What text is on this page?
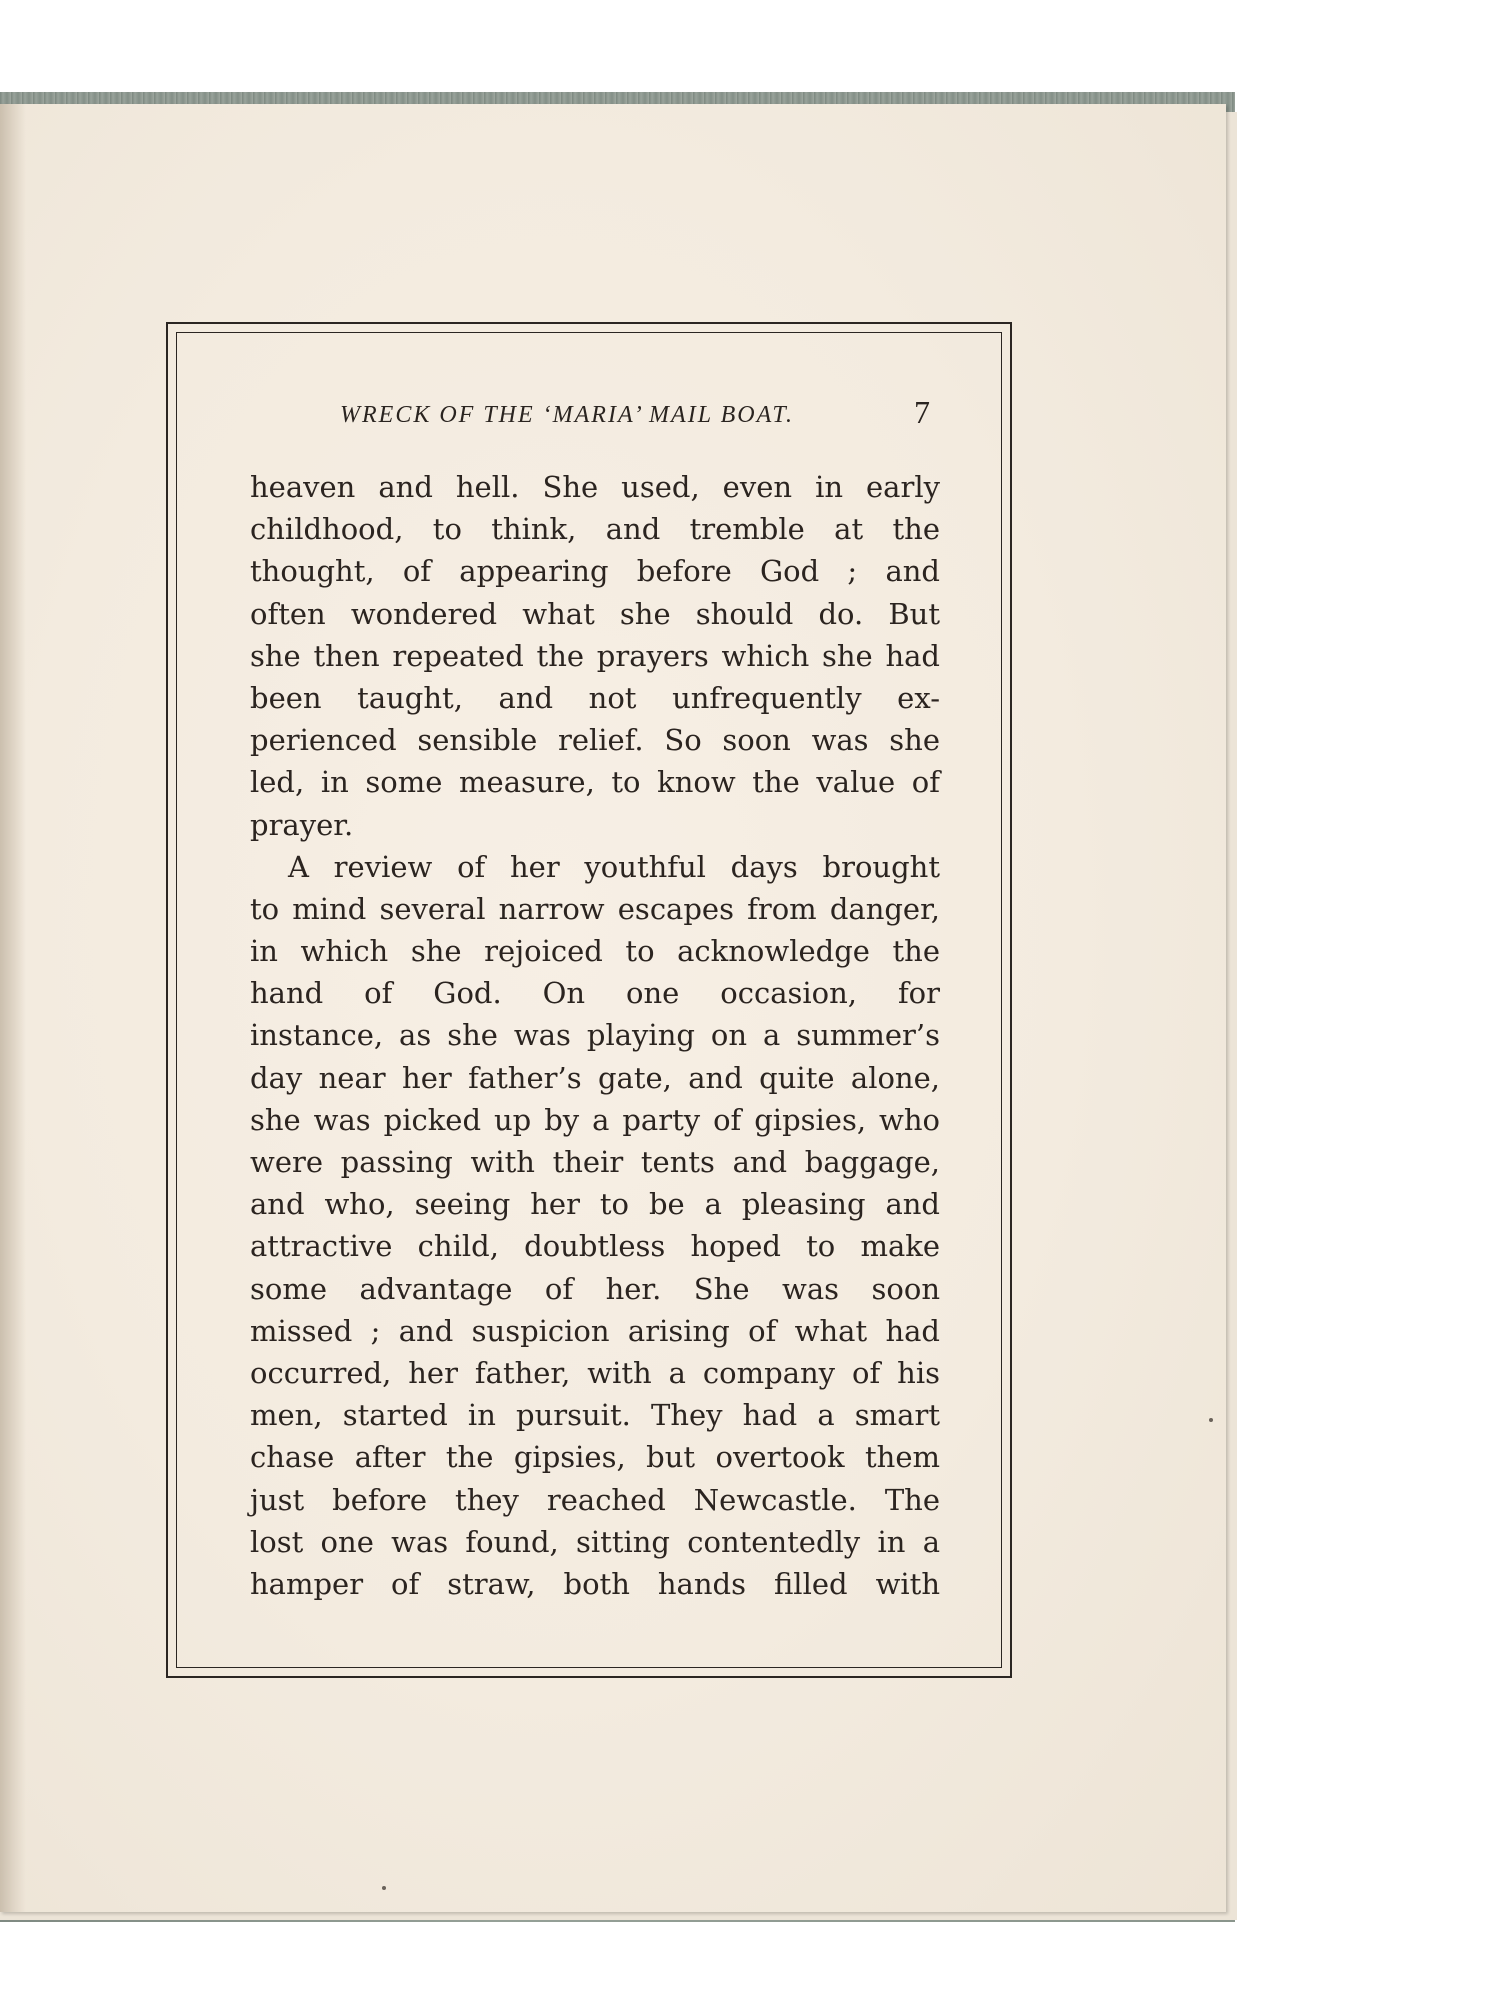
WRECK OF THE ‘MARIA’ MAIL BOAT.	7
heaven and hell. She used, even in early
childhood, to think, and tremble at the
thought, of appearing before God ; and
often wondered what she should do. But
she then repeated the prayers which she had
been taught, and not unfrequently ex-
perienced sensible relief. So soon was she
led, in some measure, to know the value of
prayer.
A review of her youthful days brought
to mind several narrow escapes from danger,
in which she rejoiced to acknowledge the
hand of God. On one occasion, for
instance, as she was playing on a summer’s
day near her father’s gate, and quite alone,
she was picked up by a party of gipsies, who
were passing with their tents and baggage,
and who, seeing her to be a pleasing and
attractive child, doubtless hoped to make
some advantage of her. She was soon
missed ; and suspicion arising of what had
occurred, her father, with a company of his
men, started in pursuit. They had a smart
chase after the gipsies, but overtook them
just before they reached Newcastle. The
lost one was found, sitting contentedly in a
hamper of straw, both hands filled with
